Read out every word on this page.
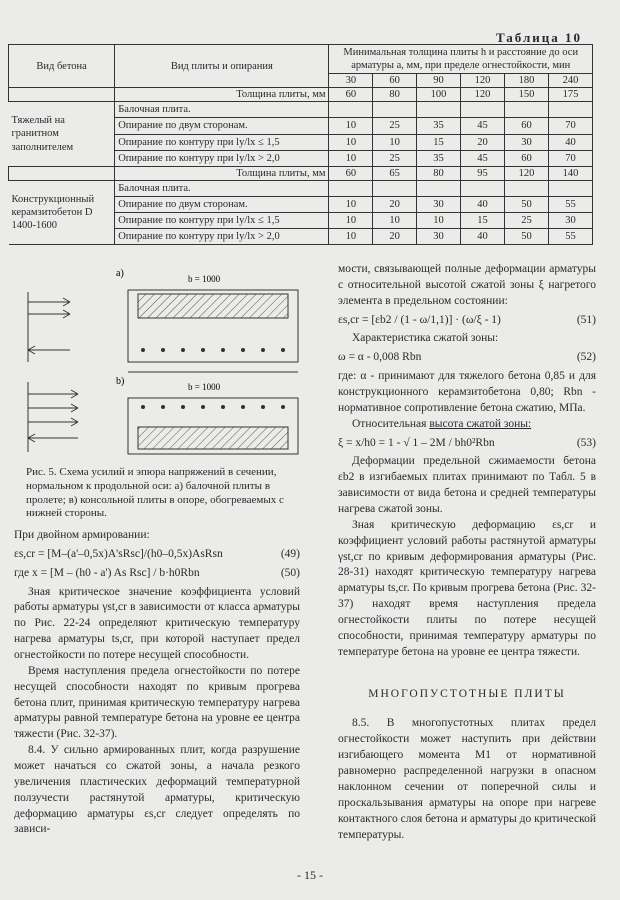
Таблица 10
Вид бетона	Вид плиты и опирания	Минимальная толщина плиты h и расстояние до оси арматуры а, мм, при пределе огнестойкости, мин					
		30	60	90	120	180	240
	Толщина плиты, мм	60	80	100	120	150	175
Тяжелый на гранитном заполнителем	Балочная плита.						
	Опирание по двум сторонам.	10	25	35	45	60	70
	Опирание по контуру при lу/lх ≤ 1,5	10	10	15	20	30	40
	Опирание по контуру при lу/lх > 2,0	10	25	35	45	60	70
	Толщина плиты, мм	60	65	80	95	120	140
Конструкционный керамзитобетон D 1400-1600	Балочная плита.						
	Опирание по двум сторонам.	10	20	30	40	50	55
	Опирание по контуру при lу/lх ≤ 1,5	10	10	10	15	25	30
	Опирание по контуру при lу/lх > 2,0	10	20	30	40	50	55
а)	b = 1000
b)	b = 1000
Рис. 5. Схема усилий и эпюра напряжений в сечении, нормальном к продольной оси: а) балочной плиты в пролете; в) консольной плиты в опоре, обогреваемых с нижней стороны.

При двойном армировании:

εs,cr = [M–(a'–0,5x)A'sRsc]/(h0–0,5x)AsRsn	(49)
где x = [M – (h0 - a') As Rsc] / b·h0Rbn	(50)

Зная критическое значение коэффициента условий работы арматуры γst,cr в зависимости от класса арматуры по Рис. 22-24 определяют критическую температуру нагрева арматуры ts,cr, при которой наступает предел огнестойкости по потере несущей способности.

Время наступления предела огнестойкости по потере несущей способности находят по кривым прогрева бетона плит, принимая критическую температуру нагрева арматуры равной температуре бетона на уровне ее центра тяжести (Рис. 32-37).

8.4. У сильно армированных плит, когда разрушение может начаться со сжатой зоны, а начала резкого увеличения пластических деформаций температурной ползучести растянутой арматуры, критическую деформацию арматуры εs,cr следует определять по зависи-

мости, связывающей полные деформации арматуры с относительной высотой сжатой зоны ξ нагретого элемента в предельном состоянии:

εs,cr = [εb2 / (1 - ω/1,1)] · (ω/ξ - 1)	(51)

Характеристика сжатой зоны:

ω = α - 0,008 Rbn	(52)

где: α - принимают для тяжелого бетона 0,85 и для конструкционного керамзитобетона 0,80; Rbn - нормативное сопротивление бетона сжатию, МПа.

Относительная высота сжатой зоны:

ξ = x/h0 = 1 - √ 1 – 2M / bh0²Rbn	(53)

Деформации предельной сжимаемости бетона εb2 в изгибаемых плитах принимают по Табл. 5 в зависимости от вида бетона и средней температуры нагрева сжатой зоны.

Зная критическую деформацию εs,cr и коэффициент условий работы растянутой арматуры γst,cr по кривым деформирования арматуры (Рис. 28-31) находят критическую температуру нагрева арматуры ts,cr. По кривым прогрева бетона (Рис. 32-37) находят время наступления предела огнестойкости плиты по потере несущей способности, принимая температуру арматуры по температуре бетона на уровне ее центра тяжести.

МНОГОПУСТОТНЫЕ ПЛИТЫ

8.5. В многопустотных плитах предел огнестойкости может наступить при действии изгибающего момента M1 от нормативной равномерно распределенной нагрузки в опасном наклонном сечении от поперечной силы и проскальзывания арматуры на опоре при нагреве контактного слоя бетона и арматуры до критической температуры.

- 15 -
